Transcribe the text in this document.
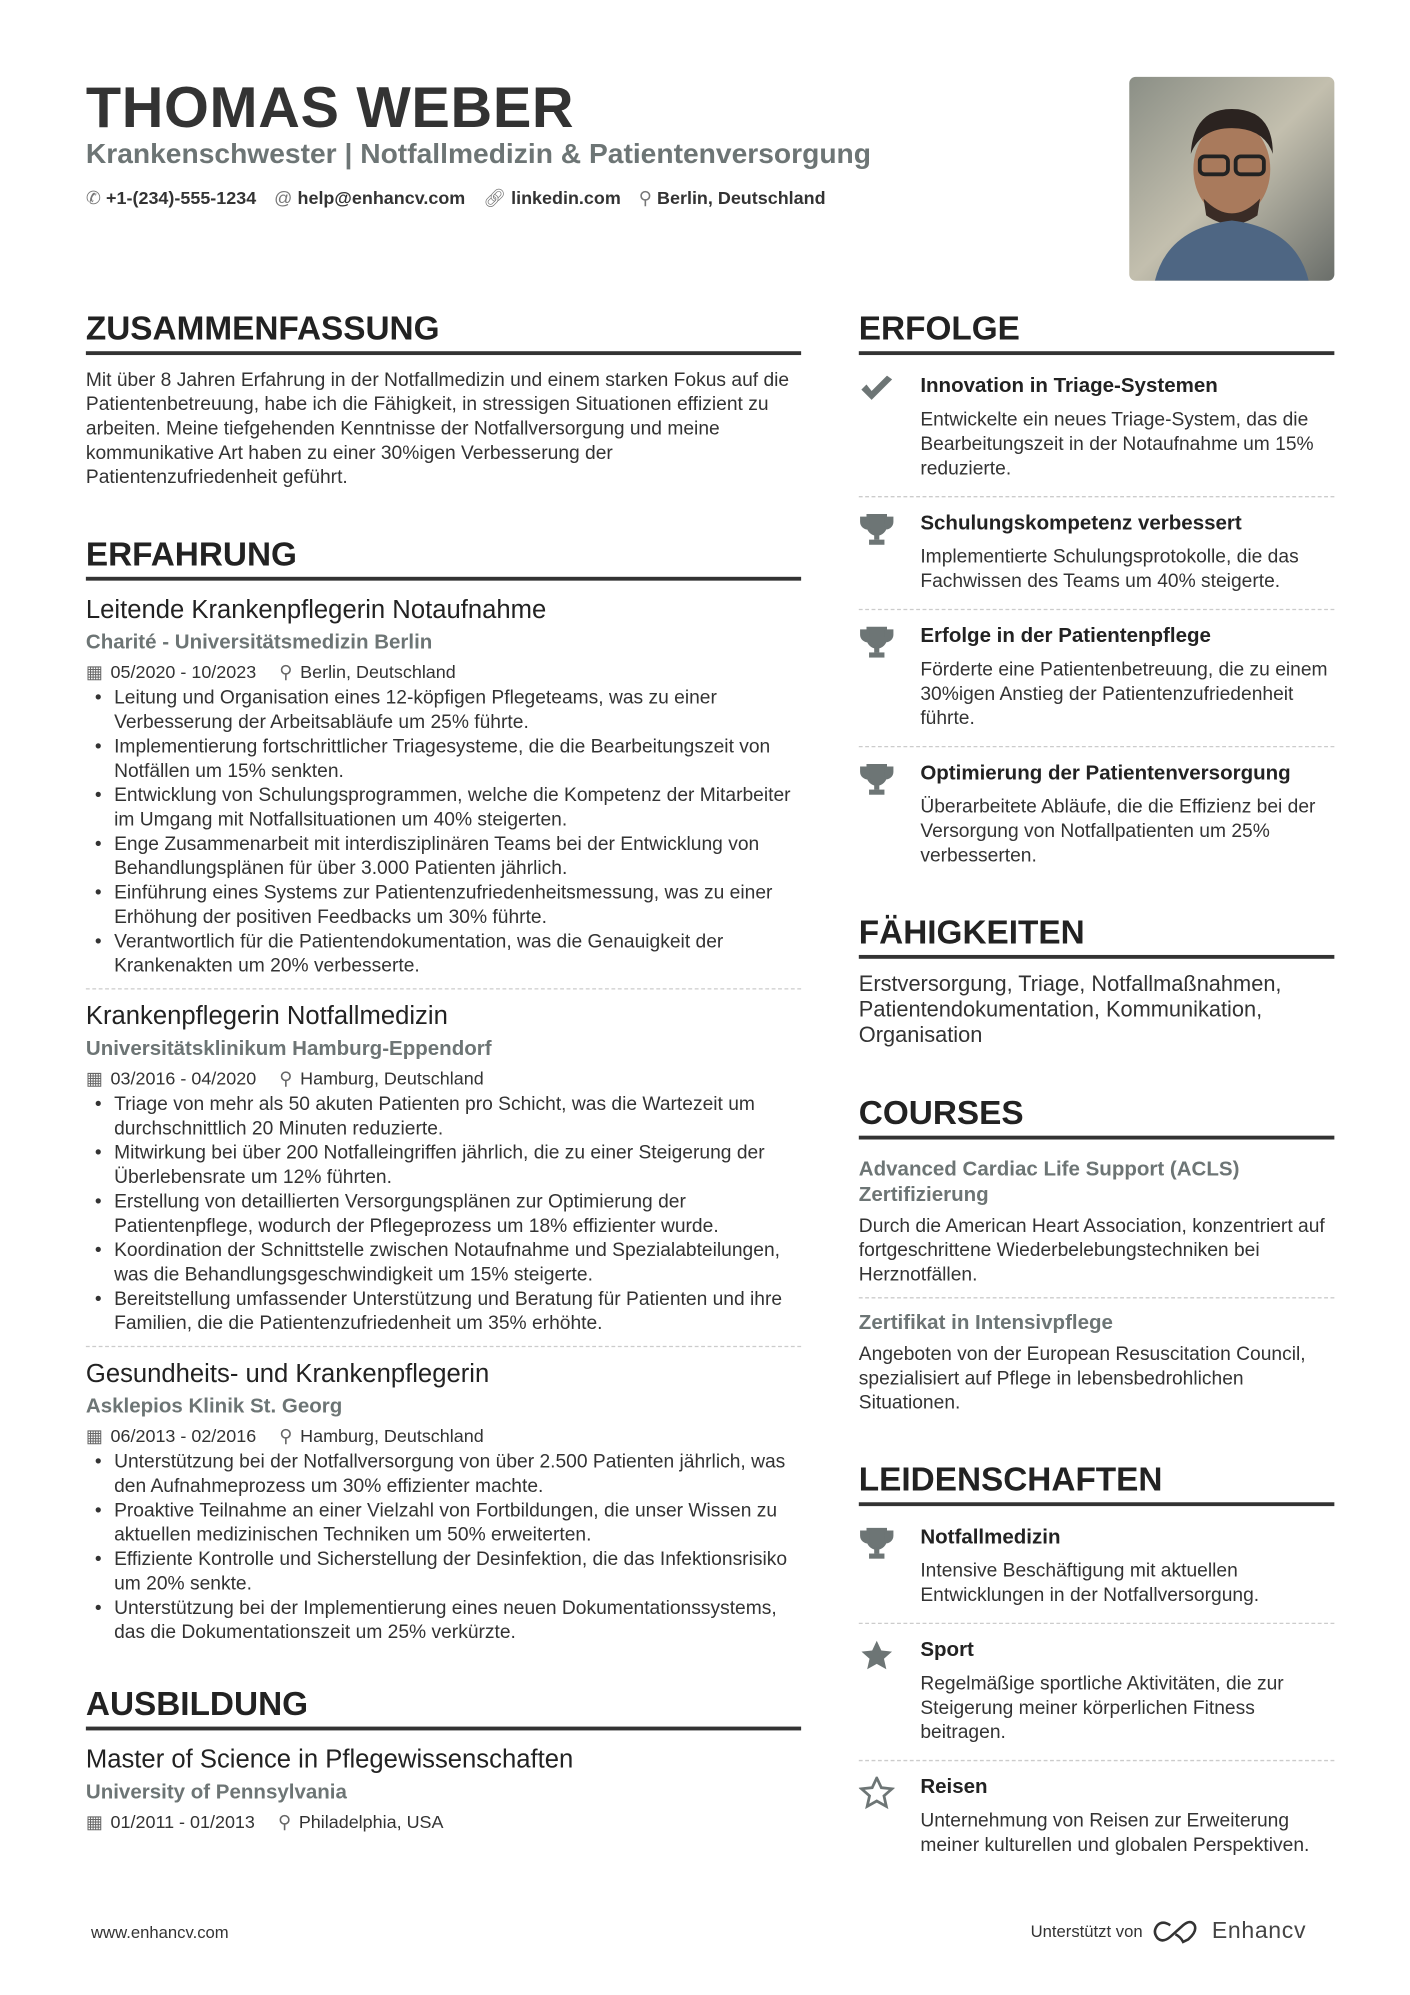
THOMAS WEBER
Krankenschwester | Notfallmedizin & Patientenversorgung
✆ +1-(234)-555-1234 @ help@enhancv.com 🔗︎ linkedin.com ⚲ Berlin, Deutschland
ZUSAMMENFASSUNG

Mit über 8 Jahren Erfahrung in der Notfallmedizin und einem starken Fokus auf die Patientenbetreuung, habe ich die Fähigkeit, in stressigen Situationen effizient zu arbeiten. Meine tiefgehenden Kenntnisse der Notfallversorgung und meine kommunikative Art haben zu einer 30%igen Verbesserung der Patientenzufriedenheit geführt.

ERFAHRUNG
Leitende Krankenpflegerin Notaufnahme
Charité - Universitätsmedizin Berlin
▦ 05/2020 - 10/2023 ⚲ Berlin, Deutschland
• Leitung und Organisation eines 12-köpfigen Pflegeteams, was zu einer Verbesserung der Arbeitsabläufe um 25% führte.
• Implementierung fortschrittlicher Triagesysteme, die die Bearbeitungszeit von Notfällen um 15% senkten.
• Entwicklung von Schulungsprogrammen, welche die Kompetenz der Mitarbeiter im Umgang mit Notfallsituationen um 40% steigerten.
• Enge Zusammenarbeit mit interdisziplinären Teams bei der Entwicklung von Behandlungsplänen für über 3.000 Patienten jährlich.
• Einführung eines Systems zur Patientenzufriedenheitsmessung, was zu einer Erhöhung der positiven Feedbacks um 30% führte.
• Verantwortlich für die Patientendokumentation, was die Genauigkeit der Krankenakten um 20% verbesserte.
Krankenpflegerin Notfallmedizin
Universitätsklinikum Hamburg-Eppendorf
▦ 03/2016 - 04/2020 ⚲ Hamburg, Deutschland
• Triage von mehr als 50 akuten Patienten pro Schicht, was die Wartezeit um durchschnittlich 20 Minuten reduzierte.
• Mitwirkung bei über 200 Notfalleingriffen jährlich, die zu einer Steigerung der Überlebensrate um 12% führten.
• Erstellung von detaillierten Versorgungsplänen zur Optimierung der Patientenpflege, wodurch der Pflegeprozess um 18% effizienter wurde.
• Koordination der Schnittstelle zwischen Notaufnahme und Spezialabteilungen, was die Behandlungsgeschwindigkeit um 15% steigerte.
• Bereitstellung umfassender Unterstützung und Beratung für Patienten und ihre Familien, die die Patientenzufriedenheit um 35% erhöhte.
Gesundheits- und Krankenpflegerin
Asklepios Klinik St. Georg
▦ 06/2013 - 02/2016 ⚲ Hamburg, Deutschland
• Unterstützung bei der Notfallversorgung von über 2.500 Patienten jährlich, was den Aufnahmeprozess um 30% effizienter machte.
• Proaktive Teilnahme an einer Vielzahl von Fortbildungen, die unser Wissen zu aktuellen medizinischen Techniken um 50% erweiterten.
• Effiziente Kontrolle und Sicherstellung der Desinfektion, die das Infektionsrisiko um 20% senkte.
• Unterstützung bei der Implementierung eines neuen Dokumentationssystems, das die Dokumentationszeit um 25% verkürzte.
AUSBILDUNG
Master of Science in Pflegewissenschaften
University of Pennsylvania
▦ 01/2011 - 01/2013 ⚲ Philadelphia, USA
ERFOLGE
Innovation in Triage-Systemen
Entwickelte ein neues Triage-System, das die Bearbeitungszeit in der Notaufnahme um 15% reduzierte.
Schulungskompetenz verbessert
Implementierte Schulungsprotokolle, die das Fachwissen des Teams um 40% steigerte.
Erfolge in der Patientenpflege
Förderte eine Patientenbetreuung, die zu einem 30%igen Anstieg der Patientenzufriedenheit führte.
Optimierung der Patientenversorgung
Überarbeitete Abläufe, die die Effizienz bei der Versorgung von Notfallpatienten um 25% verbesserten.
FÄHIGKEITEN

Erstversorgung, Triage, Notfallmaßnahmen, Patientendokumentation, Kommunikation, Organisation

COURSES
Advanced Cardiac Life Support (ACLS) Zertifizierung
Durch die American Heart Association, konzentriert auf fortgeschrittene Wiederbelebungstechniken bei Herznotfällen.
Zertifikat in Intensivpflege
Angeboten von der European Resuscitation Council, spezialisiert auf Pflege in lebensbedrohlichen Situationen.
LEIDENSCHAFTEN
Notfallmedizin
Intensive Beschäftigung mit aktuellen Entwicklungen in der Notfallversorgung.
Sport
Regelmäßige sportliche Aktivitäten, die zur Steigerung meiner körperlichen Fitness beitragen.
Reisen
Unternehmung von Reisen zur Erweiterung meiner kulturellen und globalen Perspektiven.
www.enhancv.com	Unterstützt von	Enhancv
